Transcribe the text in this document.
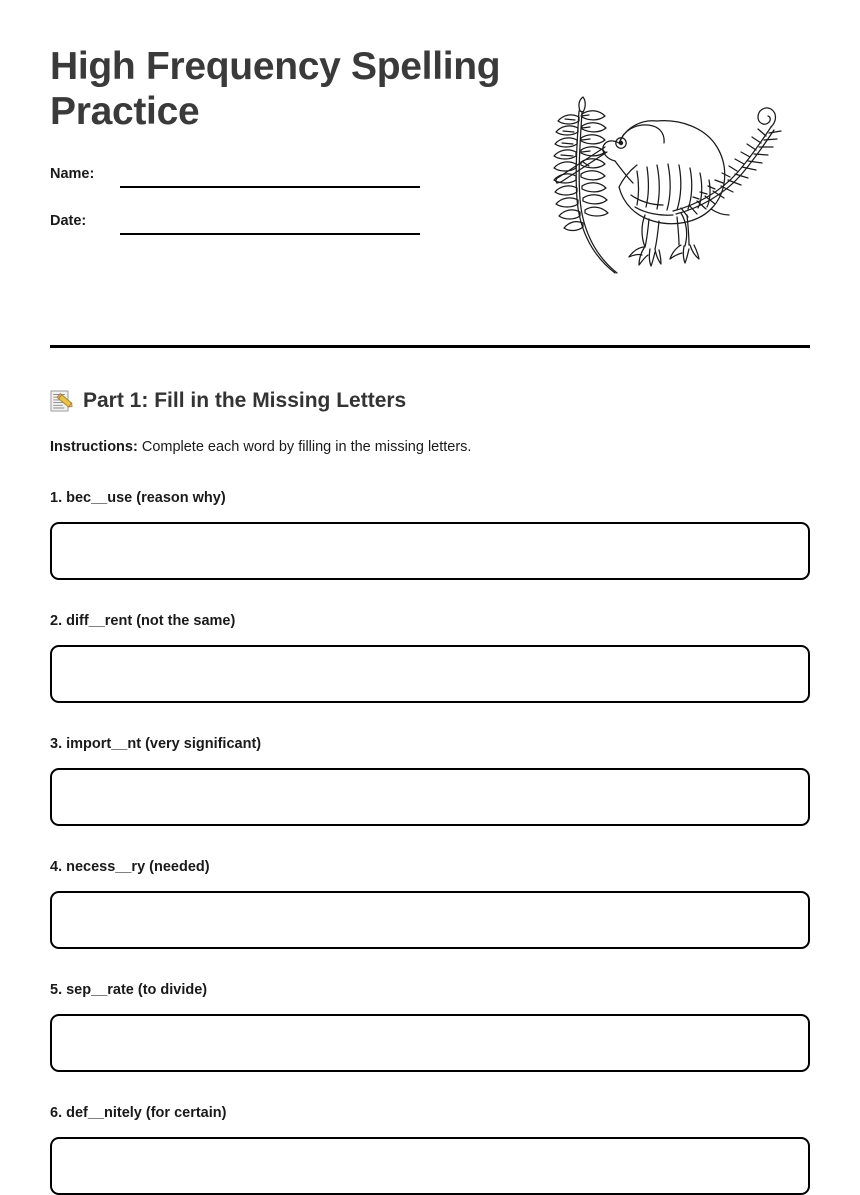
High Frequency Spelling Practice
Name:
Date:
Part 1: Fill in the Missing Letters

Instructions: Complete each word by filling in the missing letters.

1. bec__use (reason why)

2. diff__rent (not the same)

3. import__nt (very significant)

4. necess__ry (needed)

5. sep__rate (to divide)

6. def__nitely (for certain)
